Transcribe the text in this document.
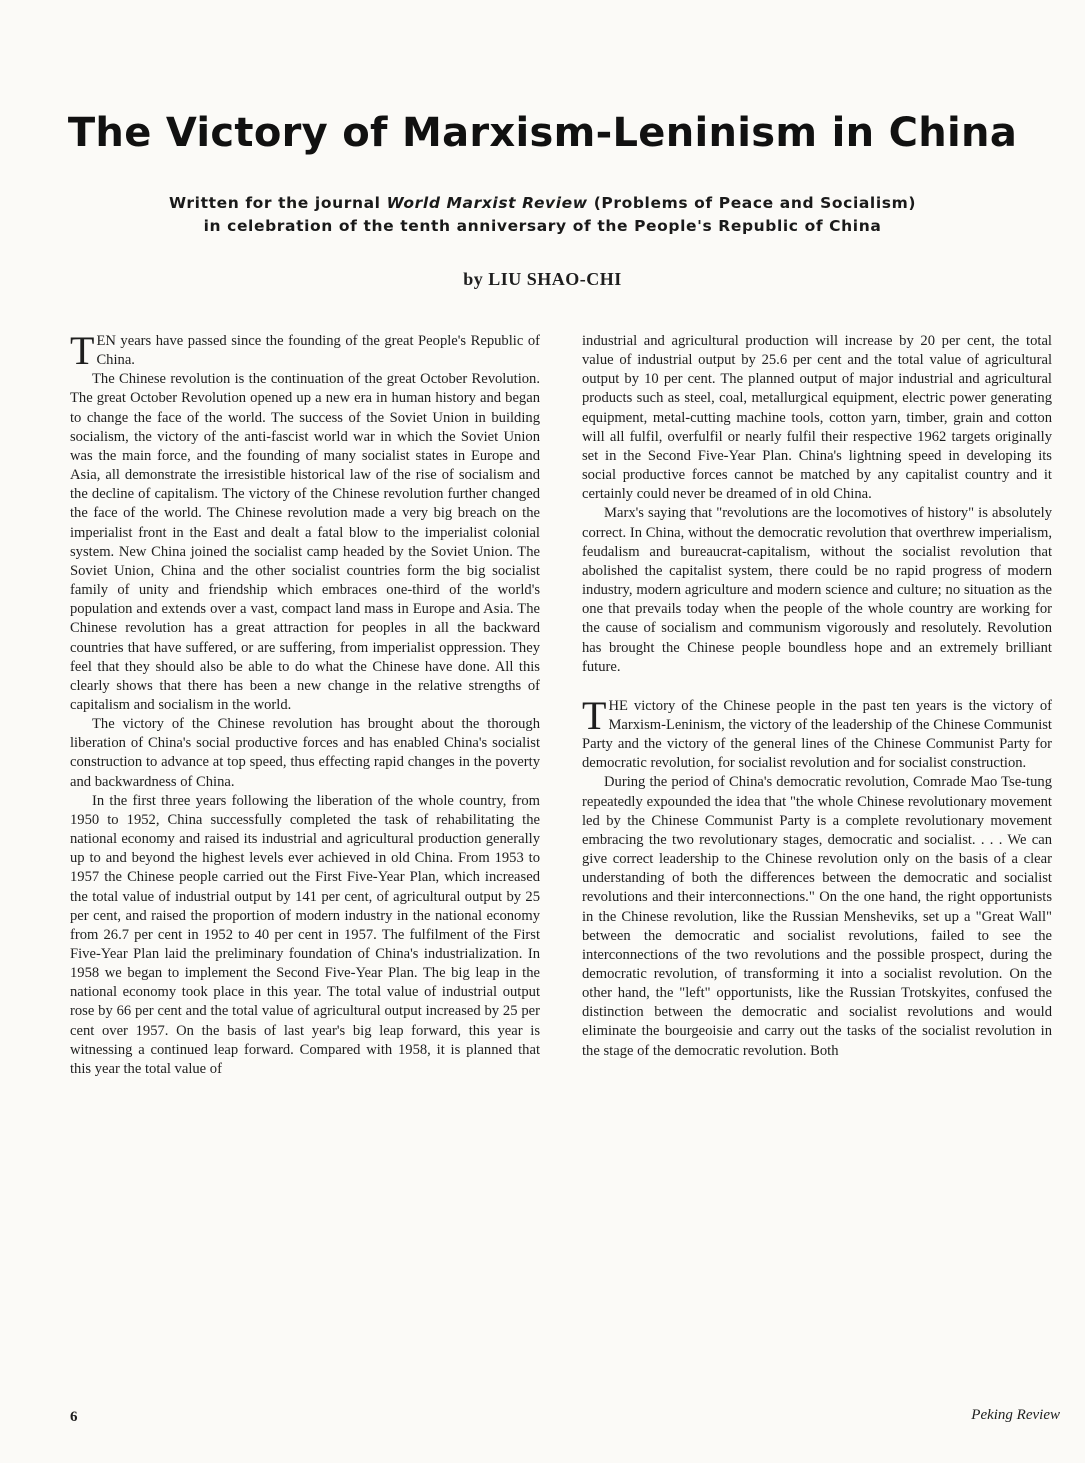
The Victory of Marxism-Leninism in China
Written for the journal World Marxist Review (Problems of Peace and Socialism)
in celebration of the tenth anniversary of the People's Republic of China
by LIU SHAO-CHI

TEN years have passed since the founding of the great People's Republic of China.

The Chinese revolution is the continuation of the great October Revolution. The great October Revolution opened up a new era in human history and began to change the face of the world. The success of the Soviet Union in building socialism, the victory of the anti-fascist world war in which the Soviet Union was the main force, and the founding of many socialist states in Europe and Asia, all demonstrate the irresistible historical law of the rise of socialism and the decline of capitalism. The victory of the Chinese revolution further changed the face of the world. The Chinese revolution made a very big breach on the imperialist front in the East and dealt a fatal blow to the imperialist colonial system. New China joined the socialist camp headed by the Soviet Union. The Soviet Union, China and the other socialist countries form the big socialist family of unity and friendship which embraces one-third of the world's population and extends over a vast, compact land mass in Europe and Asia. The Chinese revolution has a great attraction for peoples in all the backward countries that have suffered, or are suffering, from imperialist oppression. They feel that they should also be able to do what the Chinese have done. All this clearly shows that there has been a new change in the relative strengths of capitalism and socialism in the world.

The victory of the Chinese revolution has brought about the thorough liberation of China's social productive forces and has enabled China's socialist construction to advance at top speed, thus effecting rapid changes in the poverty and backwardness of China.

In the first three years following the liberation of the whole country, from 1950 to 1952, China successfully completed the task of rehabilitating the national economy and raised its industrial and agricultural production generally up to and beyond the highest levels ever achieved in old China. From 1953 to 1957 the Chinese people carried out the First Five-Year Plan, which increased the total value of industrial output by 141 per cent, of agricultural output by 25 per cent, and raised the proportion of modern industry in the national economy from 26.7 per cent in 1952 to 40 per cent in 1957. The fulfilment of the First Five-Year Plan laid the preliminary foundation of China's industrialization. In 1958 we began to implement the Second Five-Year Plan. The big leap in the national economy took place in this year. The total value of industrial output rose by 66 per cent and the total value of agricultural output increased by 25 per cent over 1957. On the basis of last year's big leap forward, this year is witnessing a continued leap forward. Compared with 1958, it is planned that this year the total value of

industrial and agricultural production will increase by 20 per cent, the total value of industrial output by 25.6 per cent and the total value of agricultural output by 10 per cent. The planned output of major industrial and agricultural products such as steel, coal, metallurgical equipment, electric power generating equipment, metal-cutting machine tools, cotton yarn, timber, grain and cotton will all fulfil, overfulfil or nearly fulfil their respective 1962 targets originally set in the Second Five-Year Plan. China's lightning speed in developing its social productive forces cannot be matched by any capitalist country and it certainly could never be dreamed of in old China.

Marx's saying that "revolutions are the locomotives of history" is absolutely correct. In China, without the democratic revolution that overthrew imperialism, feudalism and bureaucrat-capitalism, without the socialist revolution that abolished the capitalist system, there could be no rapid progress of modern industry, modern agriculture and modern science and culture; no situation as the one that prevails today when the people of the whole country are working for the cause of socialism and communism vigorously and resolutely. Revolution has brought the Chinese people boundless hope and an extremely brilliant future.

THE victory of the Chinese people in the past ten years is the victory of Marxism-Leninism, the victory of the leadership of the Chinese Communist Party and the victory of the general lines of the Chinese Communist Party for democratic revolution, for socialist revolution and for socialist construction.

During the period of China's democratic revolution, Comrade Mao Tse-tung repeatedly expounded the idea that "the whole Chinese revolutionary movement led by the Chinese Communist Party is a complete revolutionary movement embracing the two revolutionary stages, democratic and socialist. . . . We can give correct leadership to the Chinese revolution only on the basis of a clear understanding of both the differences between the democratic and socialist revolutions and their interconnections." On the one hand, the right opportunists in the Chinese revolution, like the Russian Mensheviks, set up a "Great Wall" between the democratic and socialist revolutions, failed to see the interconnections of the two revolutions and the possible prospect, during the democratic revolution, of transforming it into a socialist revolution. On the other hand, the "left" opportunists, like the Russian Trotskyites, confused the distinction between the democratic and socialist revolutions and would eliminate the bourgeoisie and carry out the tasks of the socialist revolution in the stage of the democratic revolution. Both

6	Peking Review
